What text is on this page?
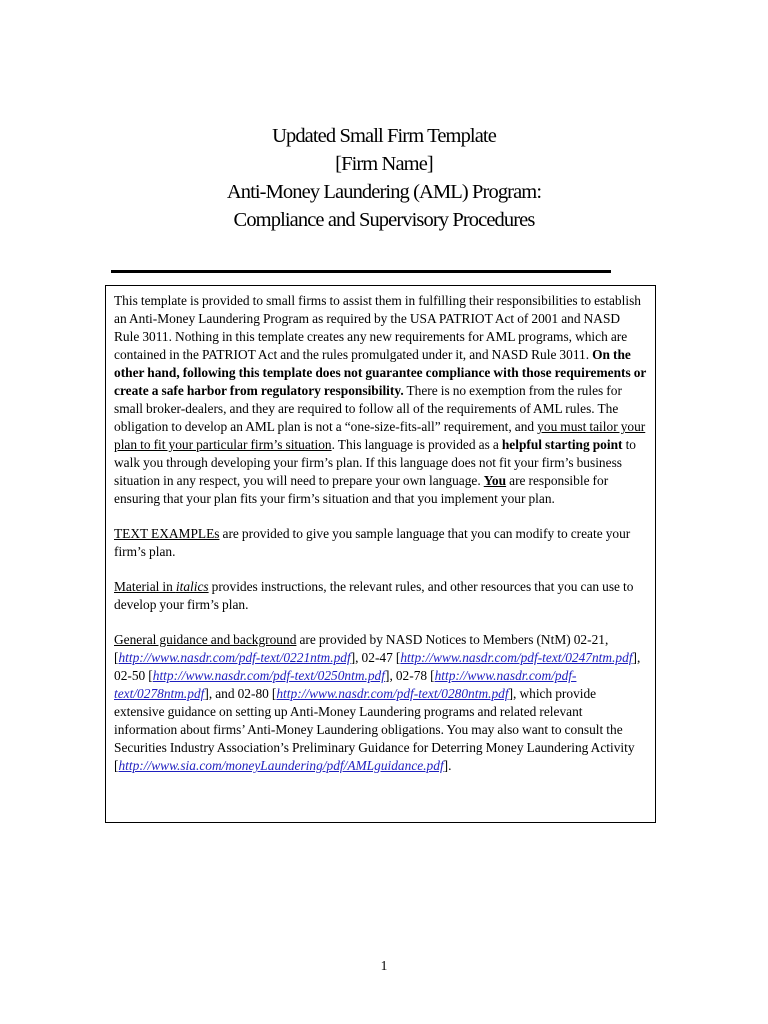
Updated Small Firm Template
[Firm Name]
Anti-Money Laundering (AML) Program:
Compliance and Supervisory Procedures

This template is provided to small firms to assist them in fulfilling their responsibilities to establish an Anti-Money Laundering Program as required by the USA PATRIOT Act of 2001 and NASD Rule 3011. Nothing in this template creates any new requirements for AML programs, which are contained in the PATRIOT Act and the rules promulgated under it, and NASD Rule 3011. On the other hand, following this template does not guarantee compliance with those requirements or create a safe harbor from regulatory responsibility. There is no exemption from the rules for small broker-dealers, and they are required to follow all of the requirements of AML rules. The obligation to develop an AML plan is not a “one-size-fits-all” requirement, and you must tailor your plan to fit your particular firm’s situation. This language is provided as a helpful starting point to walk you through developing your firm’s plan. If this language does not fit your firm’s business situation in any respect, you will need to prepare your own language. You are responsible for ensuring that your plan fits your firm’s situation and that you implement your plan.

TEXT EXAMPLEs are provided to give you sample language that you can modify to create your firm’s plan.

Material in italics provides instructions, the relevant rules, and other resources that you can use to develop your firm’s plan.

General guidance and background are provided by NASD Notices to Members (NtM) 02-21, [http://www.nasdr.com/pdf-text/0221ntm.pdf], 02-47 [http://www.nasdr.com/pdf-text/0247ntm.pdf], 02-50 [http://www.nasdr.com/pdf-text/0250ntm.pdf], 02-78 [http://www.nasdr.com/pdf-text/0278ntm.pdf], and 02-80 [http://www.nasdr.com/pdf-text/0280ntm.pdf], which provide extensive guidance on setting up Anti-Money Laundering programs and related relevant information about firms’ Anti-Money Laundering obligations. You may also want to consult the Securities Industry Association’s Preliminary Guidance for Deterring Money Laundering Activity [http://www.sia.com/moneyLaundering/pdf/AMLguidance.pdf].

1
